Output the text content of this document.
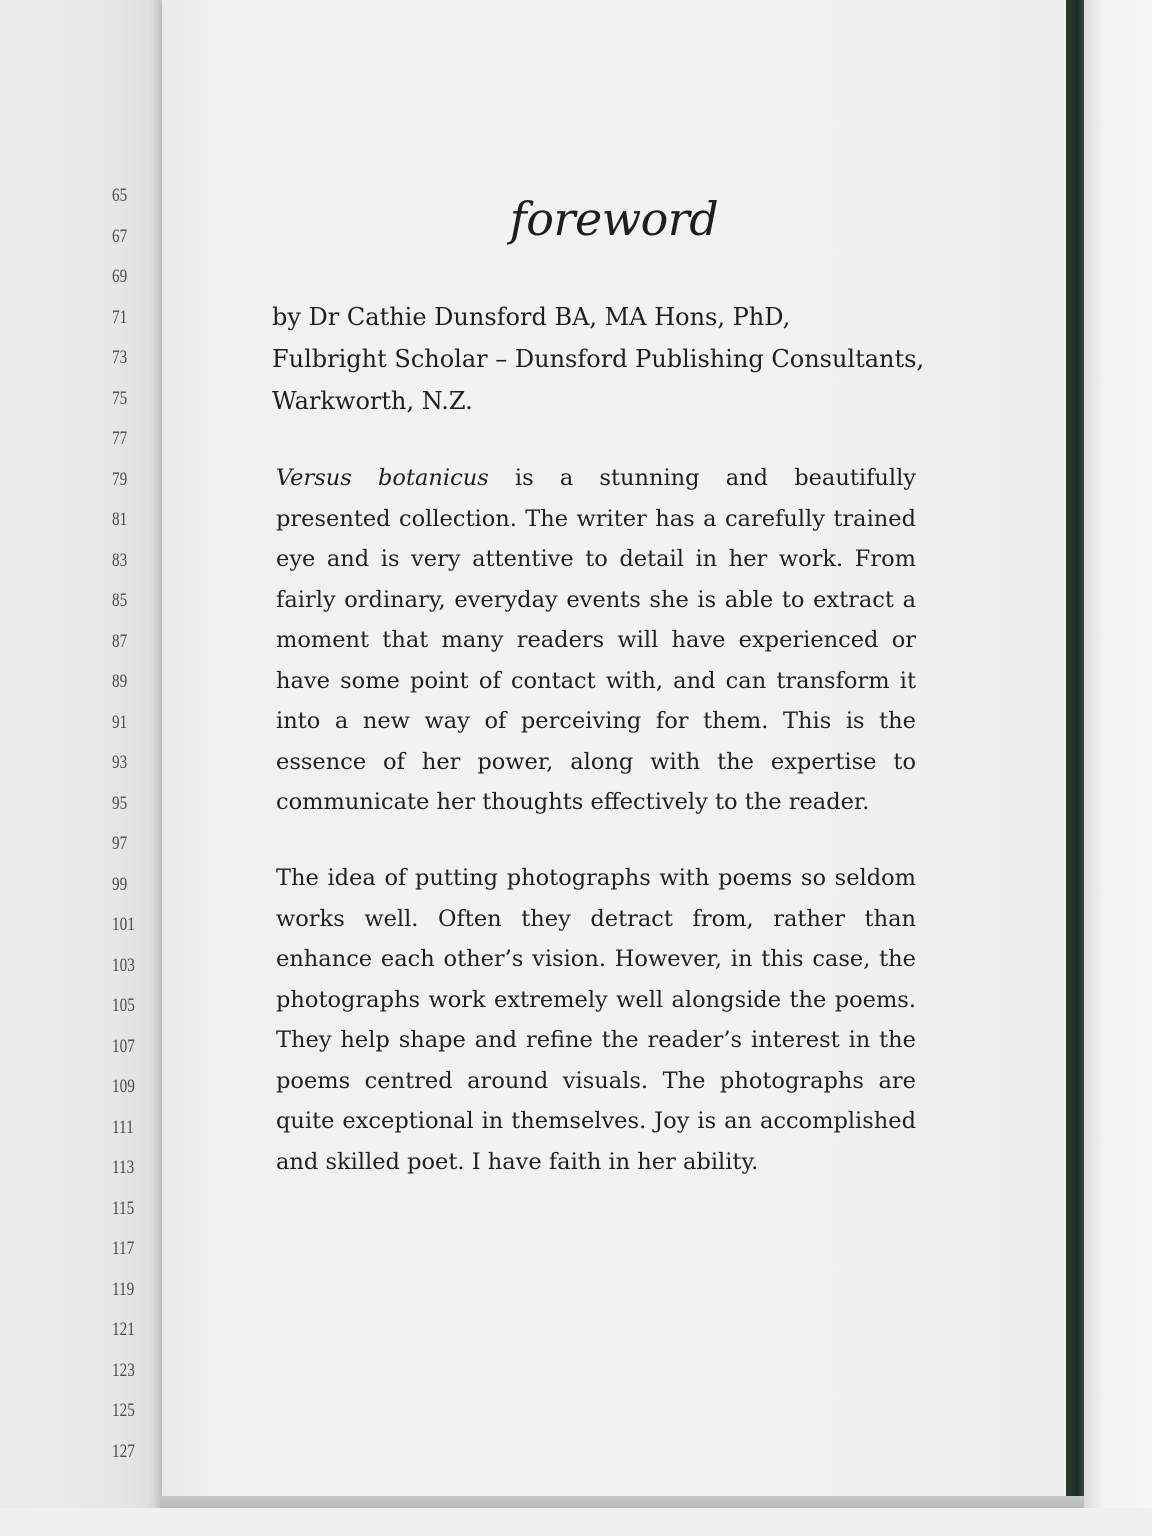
65
67
69
71
73
75
77
79
81
83
85
87
89
91
93
95
97
99
101
103
105
107
109
111
113
115
117
119
121
123
125
127
foreword
by Dr Cathie Dunsford BA, MA Hons, PhD,
Fulbright Scholar – Dunsford Publishing Consultants,
Warkworth, N.Z.

Versus botanicus is a stunning and beautifully presented collection. The writer has a carefully trained eye and is very attentive to detail in her work. From fairly ordinary, everyday events she is able to extract a moment that many readers will have experienced or have some point of contact with, and can transform it into a new way of perceiving for them. This is the essence of her power, along with the expertise to communicate her thoughts effectively to the reader.

The idea of putting photographs with poems so seldom works well. Often they detract from, rather than enhance each other’s vision. However, in this case, the photographs work extremely well alongside the poems. They help shape and refine the reader’s interest in the poems centred around visuals. The photographs are quite exceptional in themselves. Joy is an accomplished and skilled poet. I have faith in her ability.
